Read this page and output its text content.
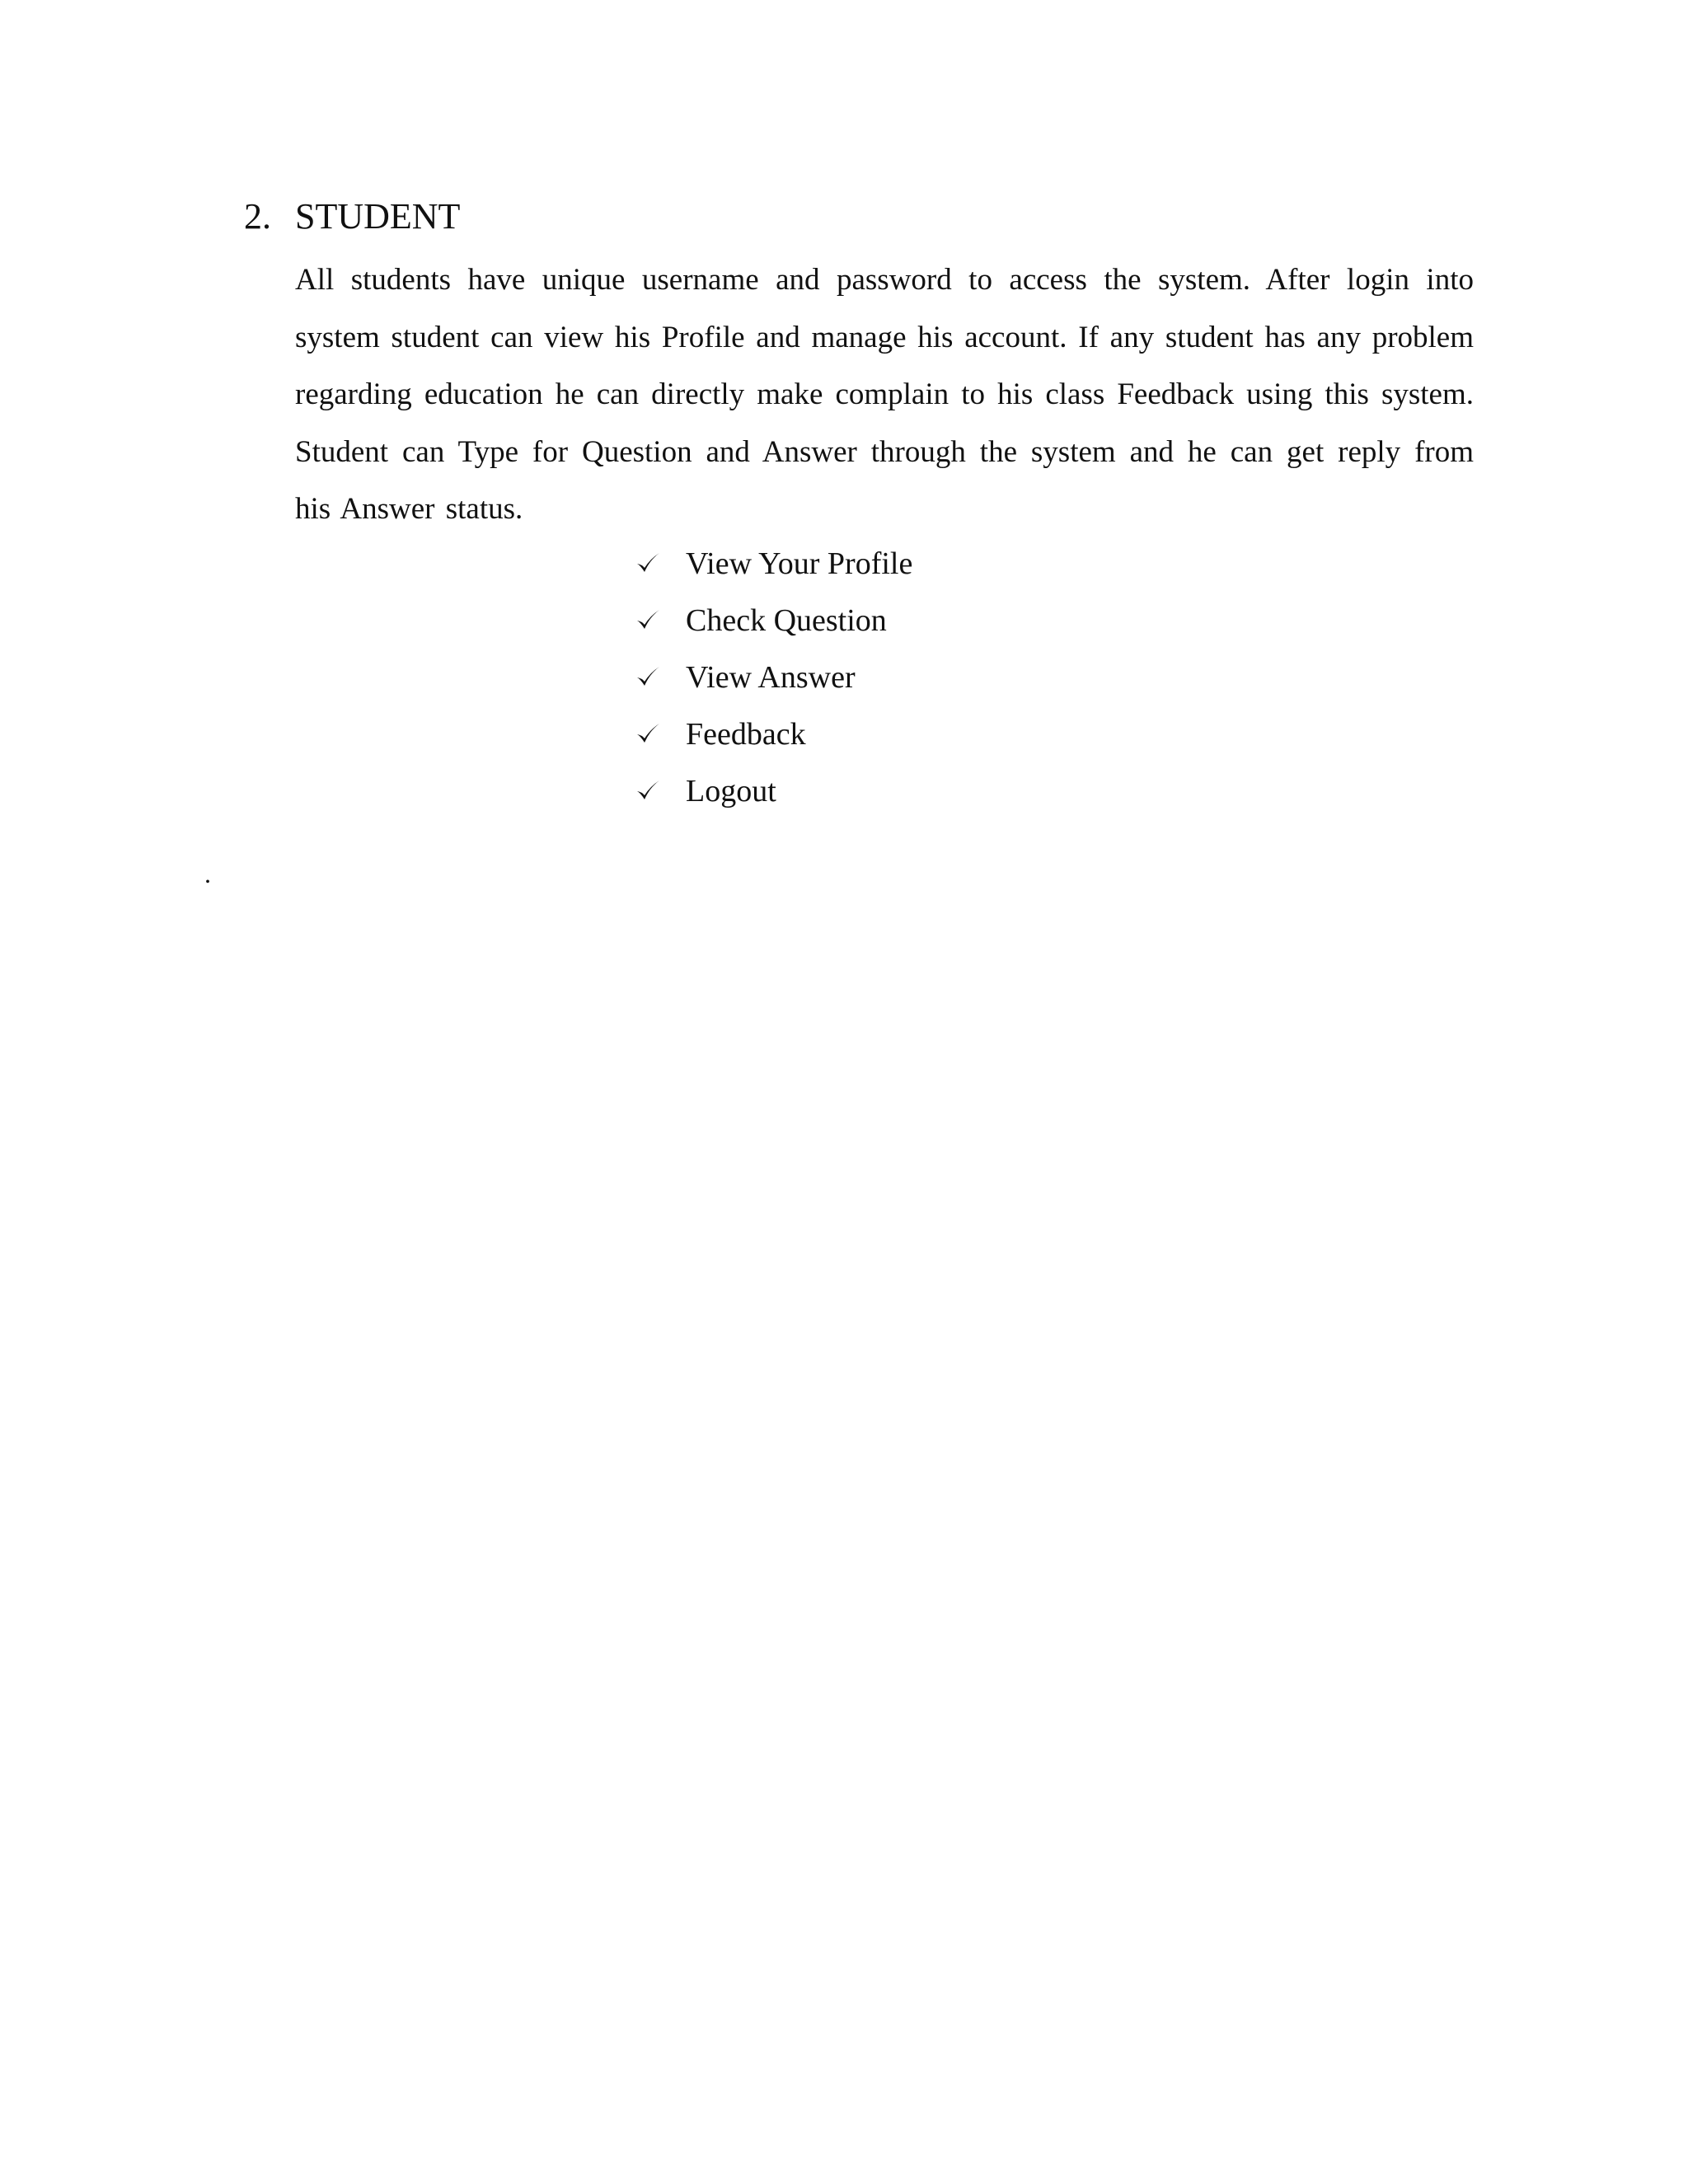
2. STUDENT

All students have unique username and password to access the system. After login into system student can view his Profile and manage his account. If any student has any problem regarding education he can directly make complain to his class Feedback using this system. Student can Type for Question and Answer through the system and he can get reply from his Answer status.

View Your Profile
Check Question
View Answer
Feedback
Logout
.
